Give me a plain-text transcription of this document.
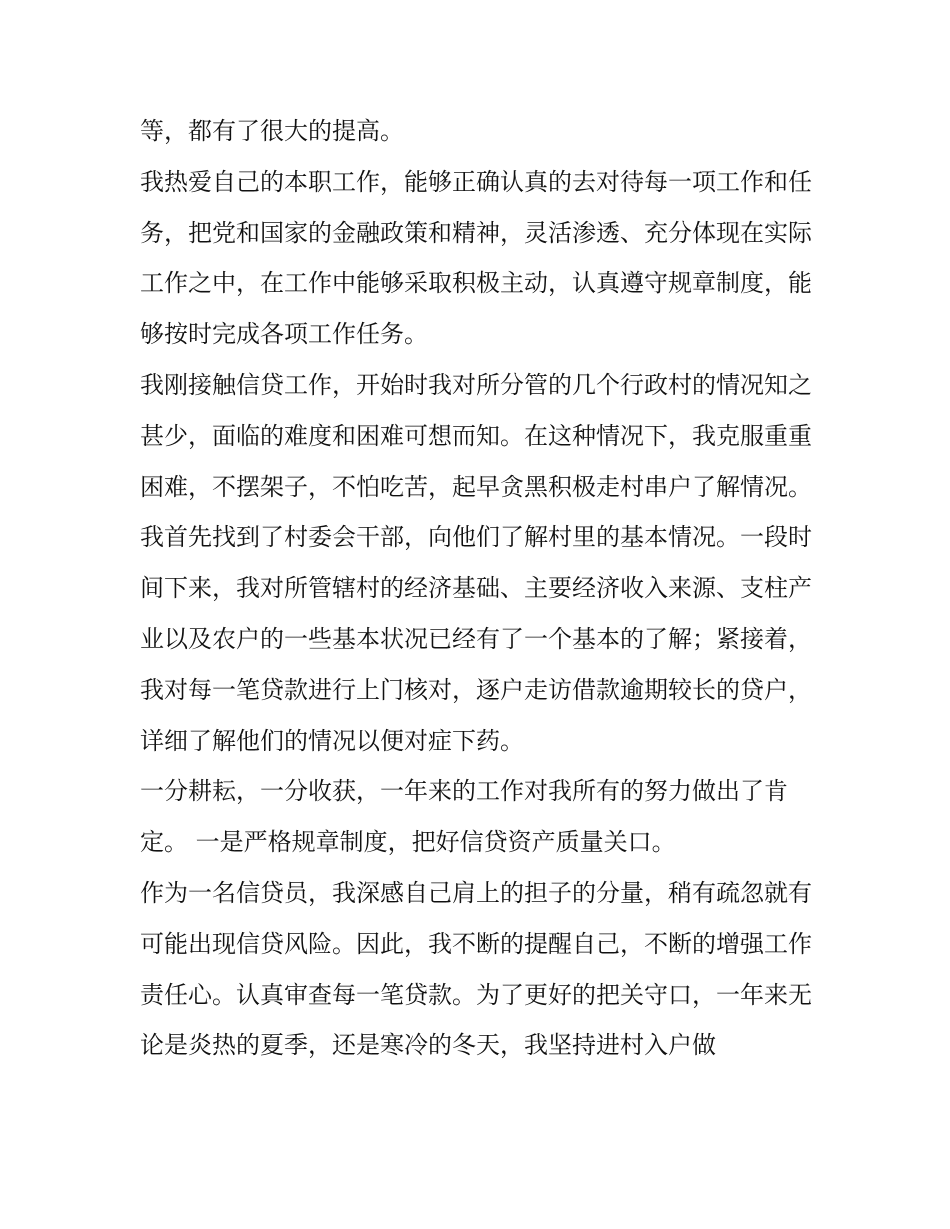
等，都有了很大的提高。

我热爱自己的本职工作，能够正确认真的去对待每一项工作和任务，把党和国家的金融政策和精神，灵活渗透、充分体现在实际工作之中，在工作中能够采取积极主动，认真遵守规章制度，能够按时完成各项工作任务。

我刚接触信贷工作，开始时我对所分管的几个行政村的情况知之甚少，面临的难度和困难可想而知。在这种情况下，我克服重重困难，不摆架子，不怕吃苦，起早贪黑积极走村串户了解情况。

我首先找到了村委会干部，向他们了解村里的基本情况。一段时间下来，我对所管辖村的经济基础、主要经济收入来源、支柱产业以及农户的一些基本状况已经有了一个基本的了解；紧接着，我对每一笔贷款进行上门核对，逐户走访借款逾期较长的贷户，详细了解他们的情况以便对症下药。

一分耕耘，一分收获，一年来的工作对我所有的努力做出了肯定。 一是严格规章制度，把好信贷资产质量关口。

作为一名信贷员，我深感自己肩上的担子的分量，稍有疏忽就有可能出现信贷风险。因此，我不断的提醒自己，不断的增强工作责任心。认真审查每一笔贷款。为了更好的把关守口，一年来无论是炎热的夏季，还是寒冷的冬天，我坚持进村入户做
